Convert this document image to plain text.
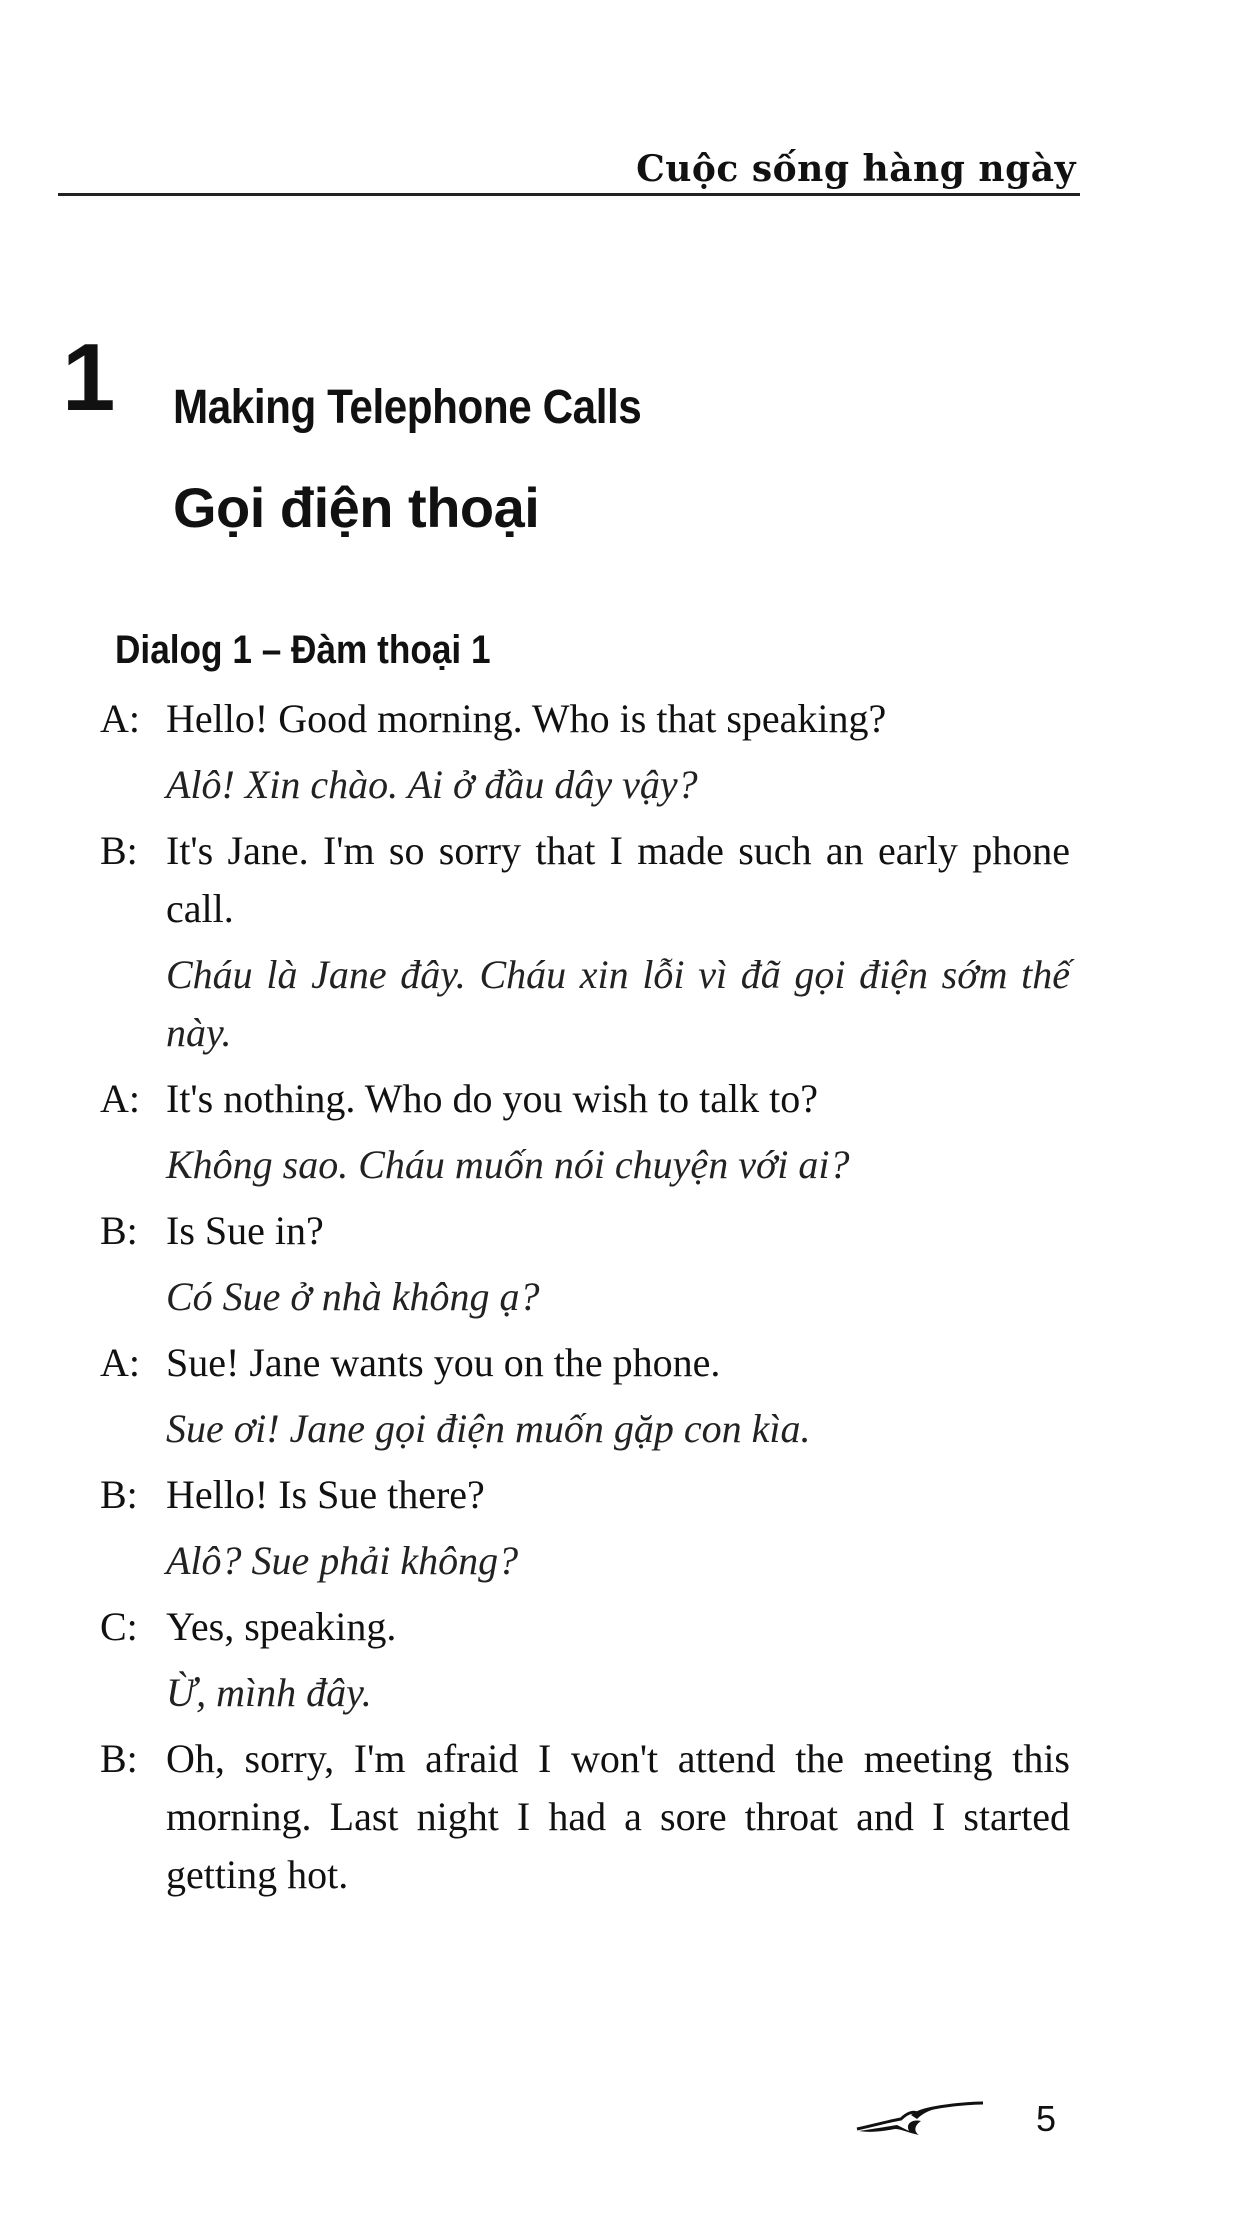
Cuộc sống hàng ngày
1 Making Telephone Calls
Gọi điện thoại
Dialog 1 – Đàm thoại 1
A: Hello! Good morning. Who is that speaking?
Alô! Xin chào. Ai ở đầu dây vậy?
B: It's Jane. I'm so sorry that I made such an early phone call.
Cháu là Jane đây. Cháu xin lỗi vì đã gọi điện sớm thế này.
A: It's nothing. Who do you wish to talk to?
Không sao. Cháu muốn nói chuyện với ai?
B: Is Sue in?
Có Sue ở nhà không ạ?
A: Sue! Jane wants you on the phone.
Sue ơi! Jane gọi điện muốn gặp con kìa.
B: Hello! Is Sue there?
Alô? Sue phải không?
C: Yes, speaking.
Ừ, mình đây.
B: Oh, sorry, I'm afraid I won't attend the meeting this morning. Last night I had a sore throat and I started getting hot.
5
